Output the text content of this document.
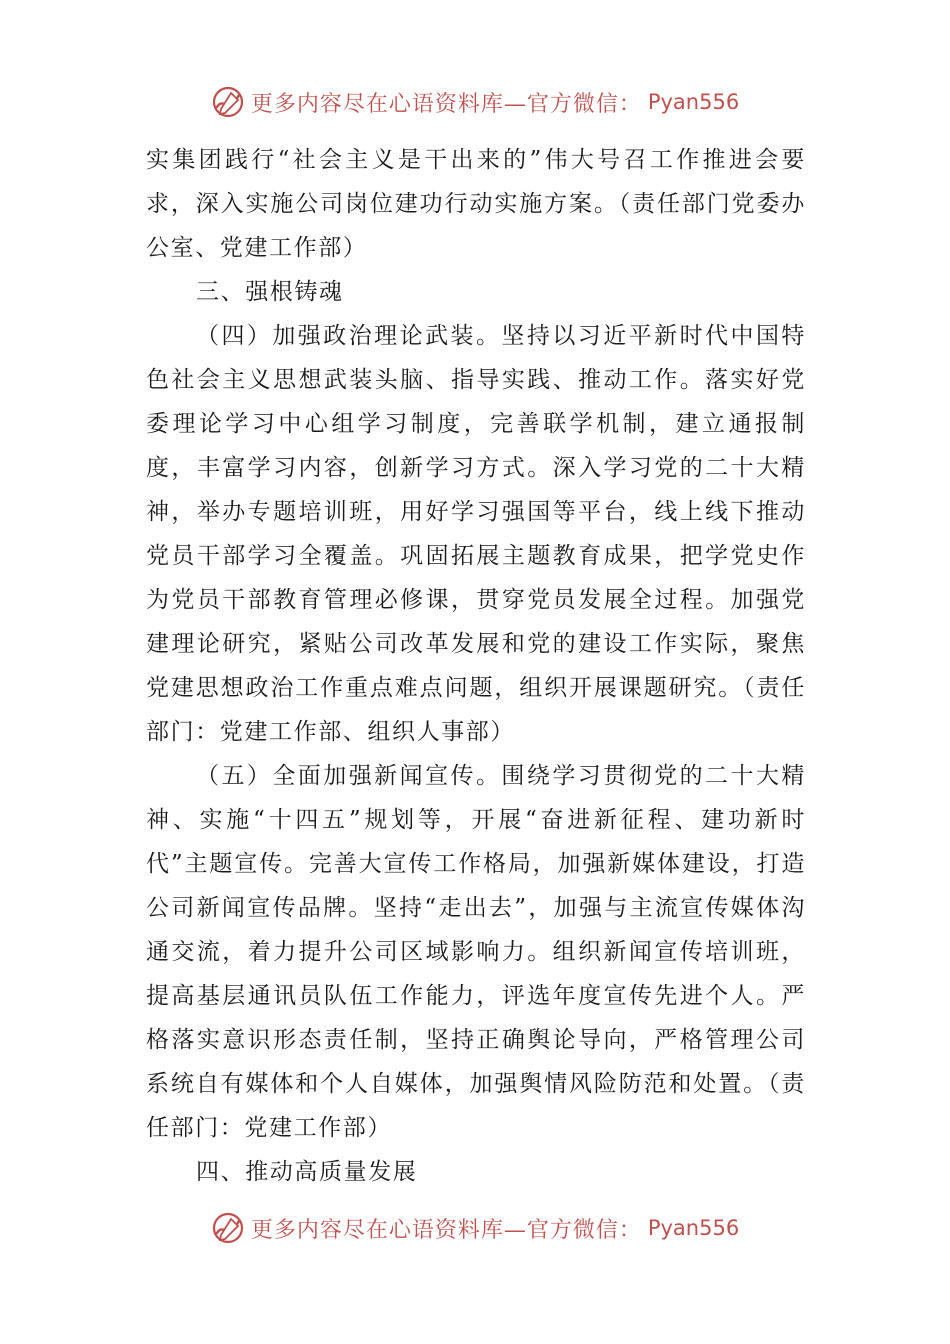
更多内容尽在心语资料库—官方微信： Pyan556

实集团践行“社会主义是干出来的”伟大号召工作推进会要求，深入实施公司岗位建功行动实施方案。（责任部门党委办公室、党建工作部）

三、强根铸魂

（四）加强政治理论武装。坚持以习近平新时代中国特色社会主义思想武装头脑、指导实践、推动工作。落实好党委理论学习中心组学习制度，完善联学机制，建立通报制度，丰富学习内容，创新学习方式。深入学习党的二十大精神，举办专题培训班，用好学习强国等平台，线上线下推动党员干部学习全覆盖。巩固拓展主题教育成果，把学党史作为党员干部教育管理必修课，贯穿党员发展全过程。加强党建理论研究，紧贴公司改革发展和党的建设工作实际，聚焦党建思想政治工作重点难点问题，组织开展课题研究。（责任部门：党建工作部、组织人事部）

（五）全面加强新闻宣传。围绕学习贯彻党的二十大精神、实施“十四五”规划等，开展“奋进新征程、建功新时代”主题宣传。完善大宣传工作格局，加强新媒体建设，打造公司新闻宣传品牌。坚持“走出去”，加强与主流宣传媒体沟通交流，着力提升公司区域影响力。组织新闻宣传培训班，提高基层通讯员队伍工作能力，评选年度宣传先进个人。严格落实意识形态责任制，坚持正确舆论导向，严格管理公司系统自有媒体和个人自媒体，加强舆情风险防范和处置。（责任部门：党建工作部）

四、推动高质量发展

更多内容尽在心语资料库—官方微信： Pyan556
